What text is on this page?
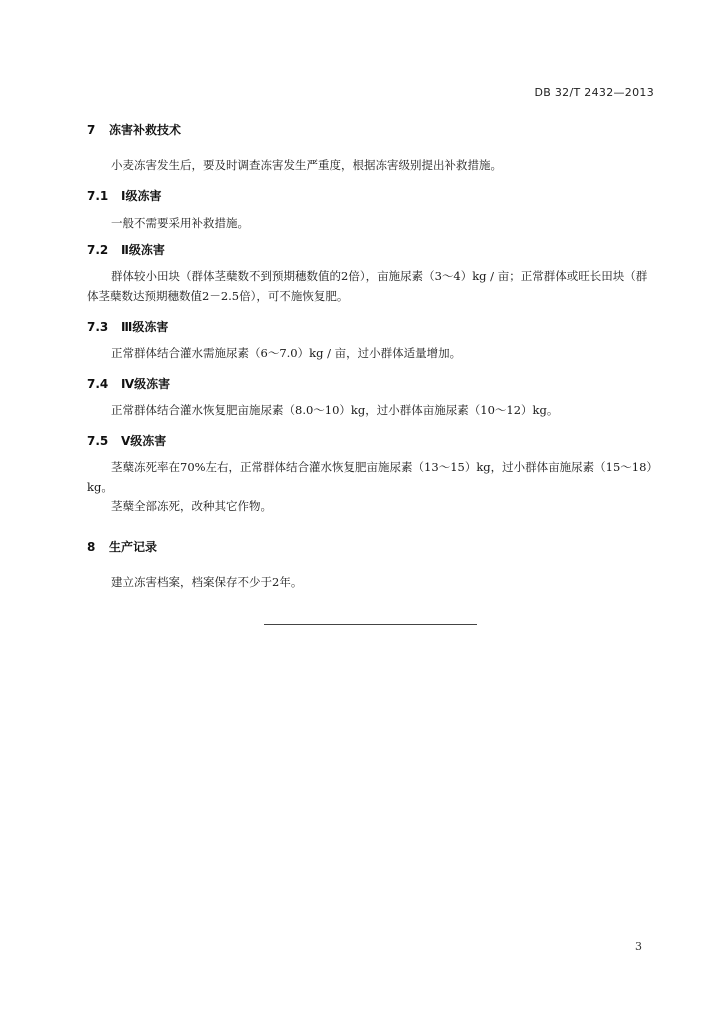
DB 32/T 2432—2013
7 冻害补救技术
小麦冻害发生后，要及时调查冻害发生严重度，根据冻害级别提出补救措施。
7.1 Ⅰ级冻害
一般不需要采用补救措施。
7.2 Ⅱ级冻害
群体较小田块（群体茎蘖数不到预期穗数值的2倍），亩施尿素（3～4）kg / 亩；正常群体或旺长田块（群体茎蘖数达预期穗数值2－2.5倍），可不施恢复肥。
7.3 Ⅲ级冻害
正常群体结合灌水需施尿素（6～7.0）kg / 亩，过小群体适量增加。
7.4 Ⅳ级冻害
正常群体结合灌水恢复肥亩施尿素（8.0～10）kg，过小群体亩施尿素（10～12）kg。
7.5 Ⅴ级冻害
茎蘖冻死率在70%左右，正常群体结合灌水恢复肥亩施尿素（13～15）kg，过小群体亩施尿素（15～18）kg。
茎蘖全部冻死，改种其它作物。
8 生产记录
建立冻害档案，档案保存不少于2年。
3
